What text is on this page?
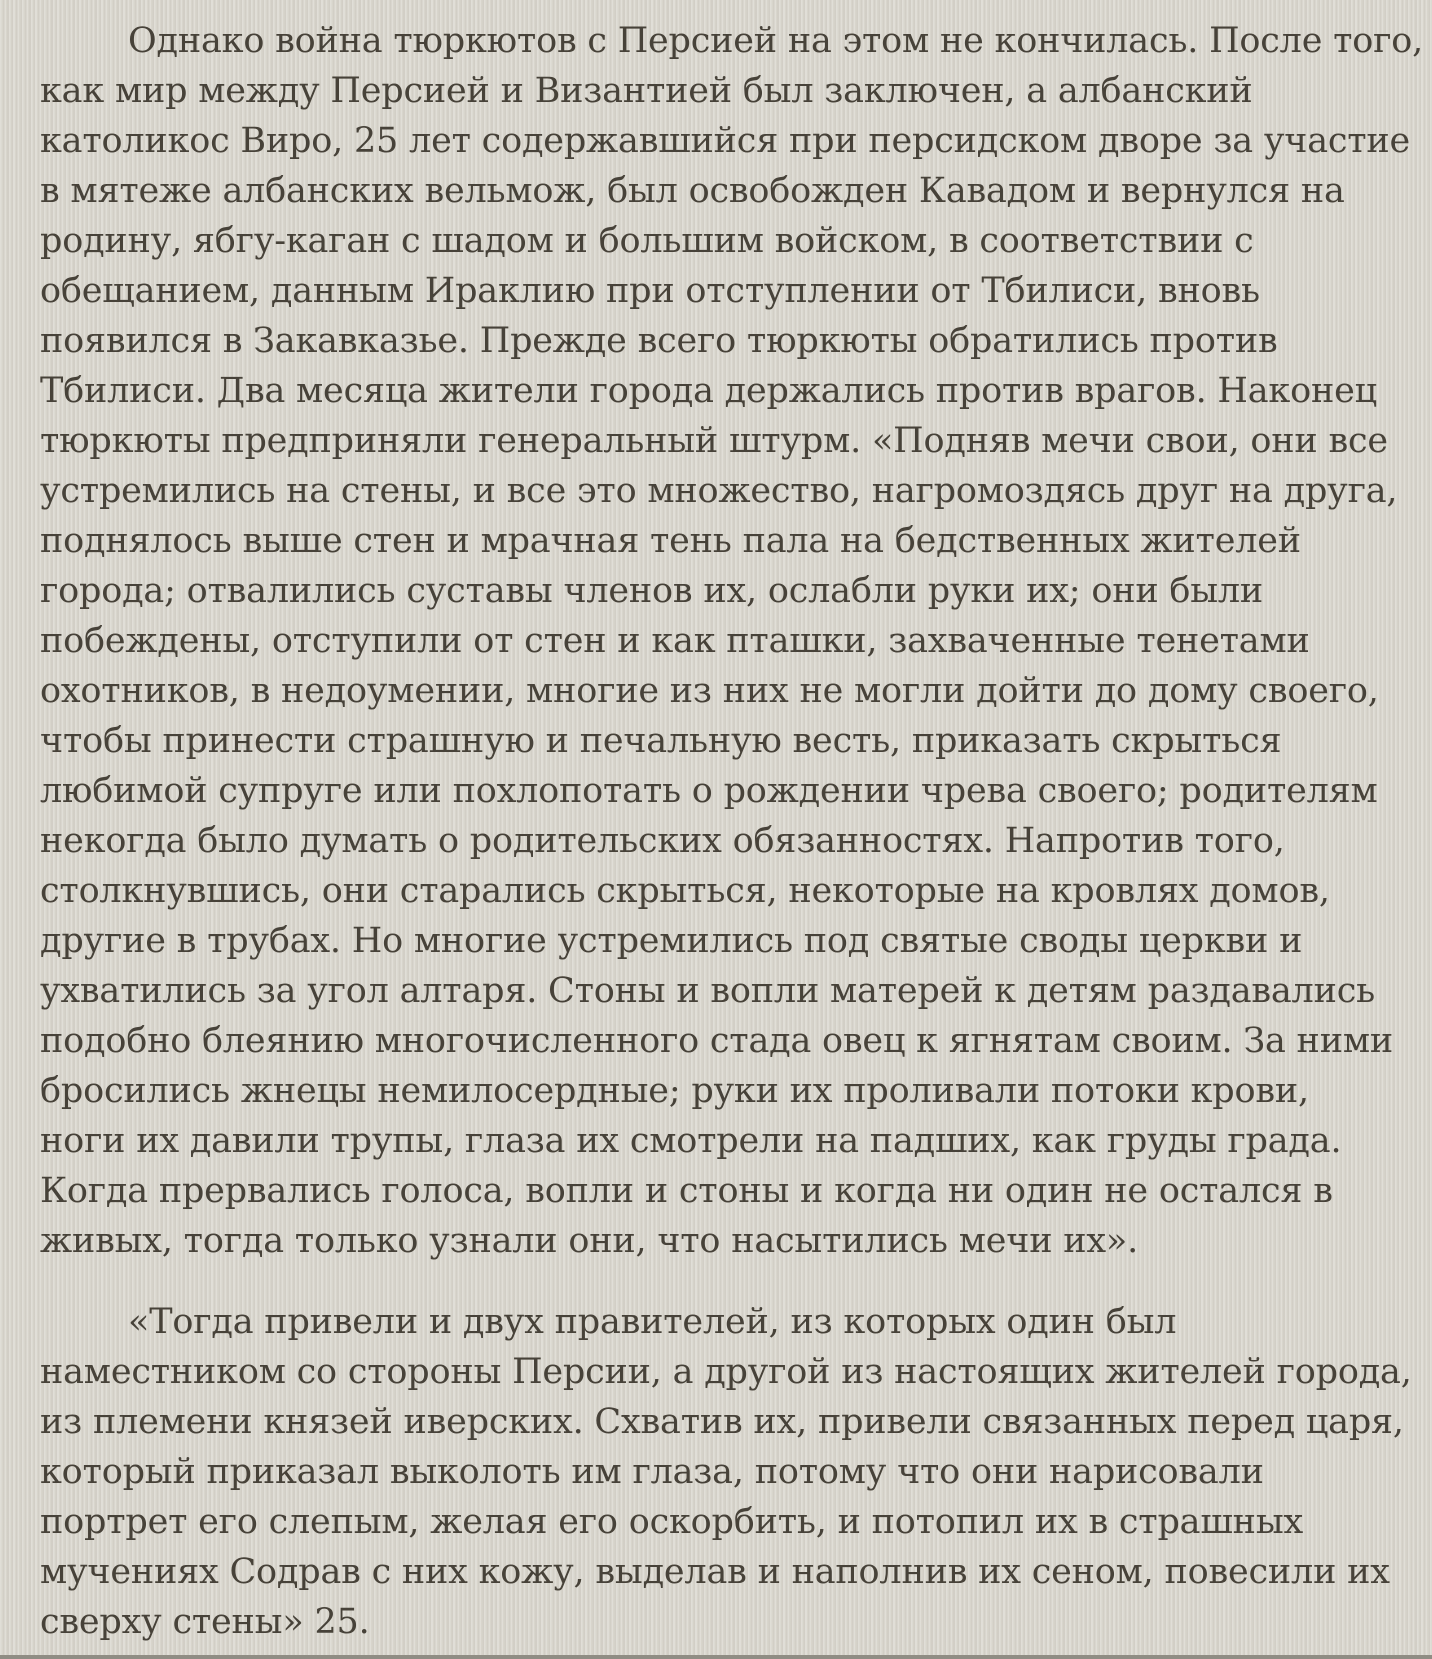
Однако война тюркютов с Персией на этом не кончилась. После того,
как мир между Персией и Византией был заключен, а албанский
католикос Виро, 25 лет содержавшийся при персидском дворе за участие
в мятеже албанских вельмож, был освобожден Кавадом и вернулся на
родину, ябгу-каган с шадом и большим войском, в соответствии с
обещанием, данным Ираклию при отступлении от Тбилиси, вновь
появился в Закавказье. Прежде всего тюркюты обратились против
Тбилиси. Два месяца жители города держались против врагов. Наконец
тюркюты предприняли генеральный штурм. «Подняв мечи свои, они все
устремились на стены, и все это множество, нагромоздясь друг на друга,
поднялось выше стен и мрачная тень пала на бедственных жителей
города; отвалились суставы членов их, ослабли руки их; они были
побеждены, отступили от стен и как пташки, захваченные тенетами
охотников, в недоумении, многие из них не могли дойти до дому своего,
чтобы принести страшную и печальную весть, приказать скрыться
любимой супруге или похлопотать о рождении чрева своего; родителям
некогда было думать о родительских обязанностях. Напротив того,
столкнувшись, они старались скрыться, некоторые на кровлях домов,
другие в трубах. Но многие устремились под святые своды церкви и
ухватились за угол алтаря. Стоны и вопли матерей к детям раздавались
подобно блеянию многочисленного стада овец к ягнятам своим. За ними
бросились жнецы немилосердные; руки их проливали потоки крови,
ноги их давили трупы, глаза их смотрели на падших, как груды града.
Когда прервались голоса, вопли и стоны и когда ни один не остался в
живых, тогда только узнали они, что насытились мечи их».
«Тогда привели и двух правителей, из которых один был
наместником со стороны Персии, а другой из настоящих жителей города,
из племени князей иверских. Схватив их, привели связанных перед царя,
который приказал выколоть им глаза, потому что они нарисовали
портрет его слепым, желая его оскорбить, и потопил их в страшных
мучениях Содрав с них кожу, выделав и наполнив их сеном, повесили их
сверху стены» 25.
